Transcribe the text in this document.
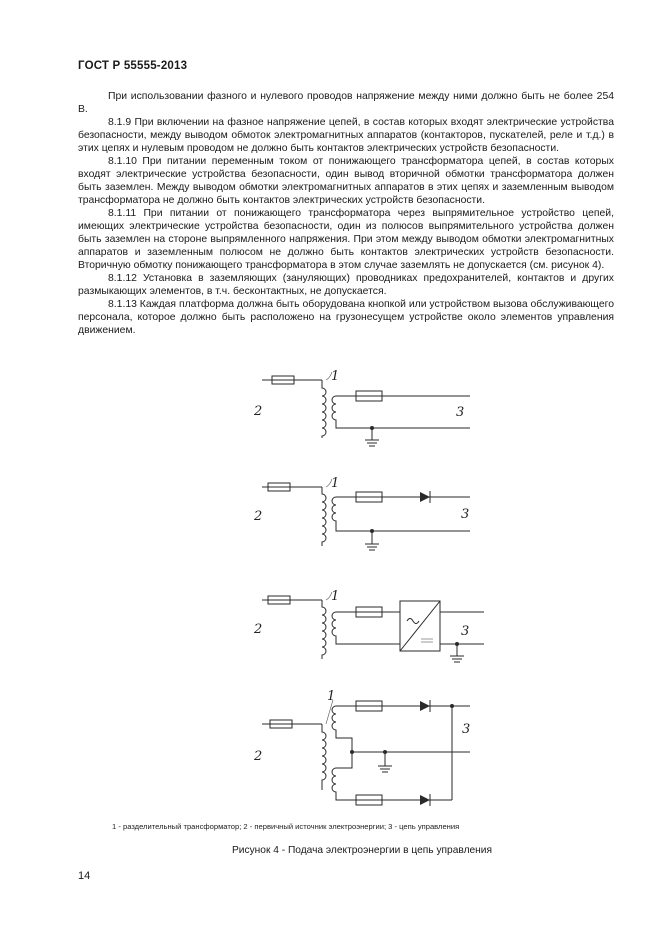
ГОСТ Р 55555-2013

При использовании фазного и нулевого проводов напряжение между ними должно быть не более 254 В.

8.1.9 При включении на фазное напряжение цепей, в состав которых входят электрические устройства безопасности, между выводом обмоток электромагнитных аппаратов (контакторов, пускателей, реле и т.д.) в этих цепях и нулевым проводом не должно быть контактов электрических устройств безопасности.

8.1.10 При питании переменным током от понижающего трансформатора цепей, в состав которых входят электрические устройства безопасности, один вывод вторичной обмотки трансформатора должен быть заземлен. Между выводом обмотки электромагнитных аппаратов в этих цепях и заземленным выводом трансформатора не должно быть контактов электрических устройств безопасности.

8.1.11 При питании от понижающего трансформатора через выпрямительное устройство цепей, имеющих электрические устройства безопасности, один из полюсов выпрямительного устройства должен быть заземлен на стороне выпрямленного напряжения. При этом между выводом обмотки электромагнитных аппаратов и заземленным полюсом не должно быть контактов электрических устройств безопасности. Вторичную обмотку понижающего трансформатора в этом случае заземлять не допускается (см. рисунок 4).

8.1.12 Установка в заземляющих (зануляющих) проводниках предохранителей, контактов и других размыкающих элементов, в т.ч. бесконтактных, не допускается.

8.1.13 Каждая платформа должна быть оборудована кнопкой или устройством вызова обслуживающего персонала, которое должно быть расположено на грузонесущем устройстве около элементов управления движением.

1
2	3
1
2	3
1
2	3
1
2
3
1 - разделительный трансформатор; 2 - первичный источник электроэнергии; 3 - цепь управления
Рисунок 4 - Подача электроэнергии в цепь управления
14
